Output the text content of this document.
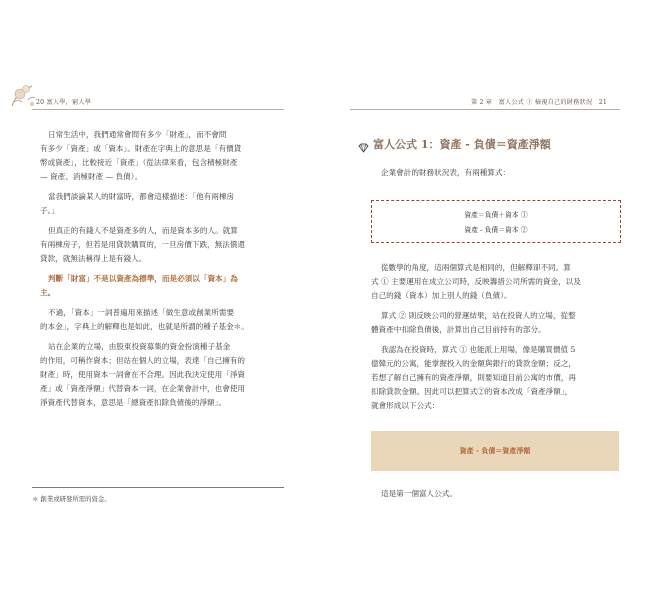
20 富人學，窮人學
日常生活中，我們通常會問有多少「財產」，而不會問
有多少「資產」或「資本」。財產在字典上的意思是「有價貨
幣或資產」，比較接近「資產」（從法律來看，包含積極財產
— 資產、消極財產 — 負債）。
當我們談論某人的財富時，都會這樣描述：「他有兩棟房
子。」
但真正的有錢人不是資產多的人，而是資本多的人。就算
有兩棟房子，但若是用貸款購買的，一旦房價下跌，無法償還
貸款，就無法稱得上是有錢人。
判斷「財富」不是以資產為標準，而是必須以「資本」為
主。
不過，「資本」一詞普遍用來描述「做生意或創業所需要
的本金」，字典上的解釋也是如此，也就是所謂的種子基金＊。
站在企業的立場，由股東投資募集的資金扮演種子基金
的作用，可稱作資本；但站在個人的立場，表達「自己擁有的
財產」時，使用資本一詞會在不合理。因此我決定使用「淨資
產」或「資產淨額」代替資本一詞，在企業會計中，也會使用
淨資產代替資本，意思是「總資產扣除負債後的淨額」。
＊ 創業或研發所需的資金。
第 2 章　富人公式 ① 檢視自己的財務狀況　21
富人公式 1：資產 - 負債＝資產淨額
企業會計的財務狀況表，有兩種算式：
資產＝負債＋資本 ①
資產 - 負債＝資本 ②
從數學的角度，這兩個算式是相同的，但解釋卻不同。算
式 ① 主要運用在成立公司時，反映籌措公司所需的資金，以及
自己的錢（資本）加上別人的錢（負債）。
算式 ② 則反映公司的營運結果，站在投資人的立場，從整
體資產中扣除負債後，計算出自己目前持有的部分。
我認為在投資時，算式 ① 也能派上用場，像是購買價值 5
億韓元的公寓，能掌握投入的金額與銀行的貸款金額；反之，
若想了解自己擁有的資產淨額，則要知道目前公寓的市價，再
扣除貸款金額。因此可以把算式②的資本改成「資產淨額」，
就會形成以下公式：
資產 - 負債＝資產淨額
這是第一個富人公式。
